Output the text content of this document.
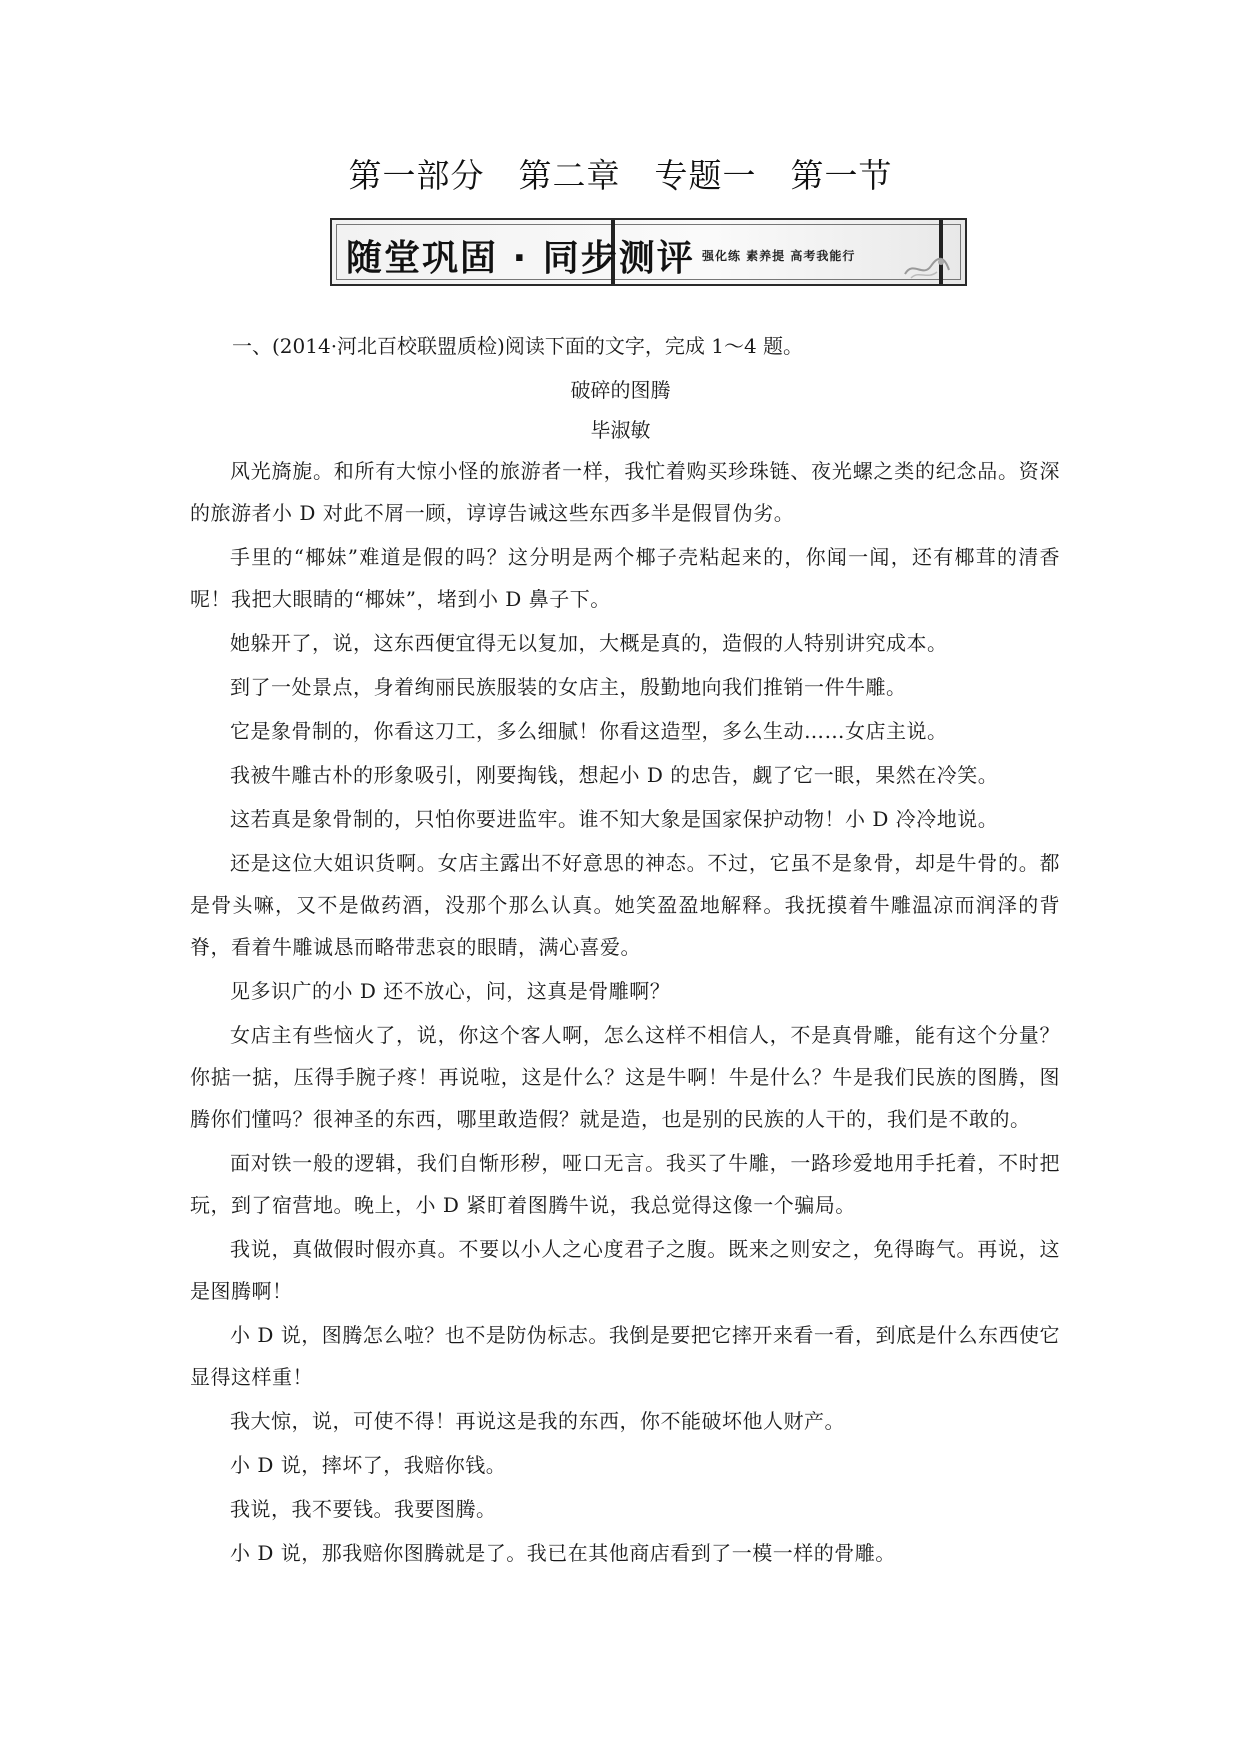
第一部分　第二章　专题一　第一节
随堂巩固 · 同步测评 强化练 素养提 高考我能行
一、(2014·河北百校联盟质检)阅读下面的文字，完成 1～4 题。
破碎的图腾
毕淑敏

风光旖旎。和所有大惊小怪的旅游者一样，我忙着购买珍珠链、夜光螺之类的纪念品。资深的旅游者小 D 对此不屑一顾，谆谆告诫这些东西多半是假冒伪劣。

手里的“椰妹”难道是假的吗？这分明是两个椰子壳粘起来的，你闻一闻，还有椰茸的清香呢！我把大眼睛的“椰妹”，堵到小 D 鼻子下。

她躲开了，说，这东西便宜得无以复加，大概是真的，造假的人特别讲究成本。

到了一处景点，身着绚丽民族服装的女店主，殷勤地向我们推销一件牛雕。

它是象骨制的，你看这刀工，多么细腻！你看这造型，多么生动……女店主说。

我被牛雕古朴的形象吸引，刚要掏钱，想起小 D 的忠告，觑了它一眼，果然在冷笑。

这若真是象骨制的，只怕你要进监牢。谁不知大象是国家保护动物！小 D 冷冷地说。

还是这位大姐识货啊。女店主露出不好意思的神态。不过，它虽不是象骨，却是牛骨的。都是骨头嘛，又不是做药酒，没那个那么认真。她笑盈盈地解释。我抚摸着牛雕温凉而润泽的背脊，看着牛雕诚恳而略带悲哀的眼睛，满心喜爱。

见多识广的小 D 还不放心，问，这真是骨雕啊？

女店主有些恼火了，说，你这个客人啊，怎么这样不相信人，不是真骨雕，能有这个分量？你掂一掂，压得手腕子疼！再说啦，这是什么？这是牛啊！牛是什么？牛是我们民族的图腾，图腾你们懂吗？很神圣的东西，哪里敢造假？就是造，也是别的民族的人干的，我们是不敢的。

面对铁一般的逻辑，我们自惭形秽，哑口无言。我买了牛雕，一路珍爱地用手托着，不时把玩，到了宿营地。晚上，小 D 紧盯着图腾牛说，我总觉得这像一个骗局。

我说，真做假时假亦真。不要以小人之心度君子之腹。既来之则安之，免得晦气。再说，这是图腾啊！

小 D 说，图腾怎么啦？也不是防伪标志。我倒是要把它摔开来看一看，到底是什么东西使它显得这样重！

我大惊，说，可使不得！再说这是我的东西，你不能破坏他人财产。

小 D 说，摔坏了，我赔你钱。

我说，我不要钱。我要图腾。

小 D 说，那我赔你图腾就是了。我已在其他商店看到了一模一样的骨雕。
